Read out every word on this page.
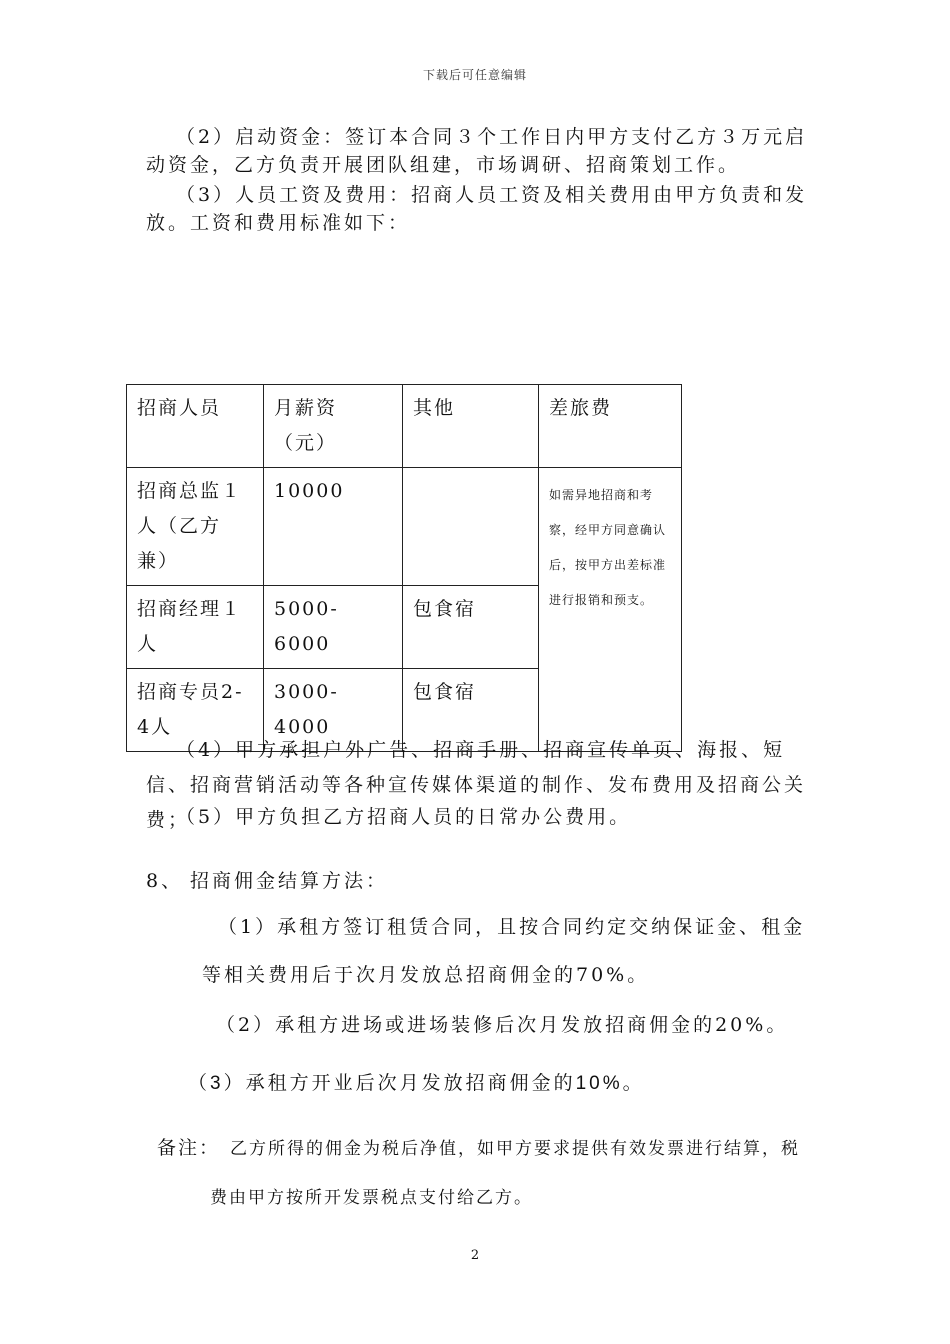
下载后可任意编辑

（2）启动资金：签订本合同３个工作日内甲方支付乙方３万元启动资金，乙方负责开展团队组建，市场调研、招商策划工作。

（3）人员工资及费用：招商人员工资及相关费用由甲方负责和发放。工资和费用标准如下：

招商人员	月薪资（元）	其他	差旅费
招商总监１人（乙方兼）	10000		如需异地招商和考察，经甲方同意确认后，按甲方出差标准进行报销和预支。
招商经理１人	5000-6000	包食宿	
招商专员2-4人	3000-4000	包食宿	

（4）甲方承担户外广告、招商手册、招商宣传单页、海报、短信、招商营销活动等各种宣传媒体渠道的制作、发布费用及招商公关费；

（5）甲方负担乙方招商人员的日常办公费用。

8、 招商佣金结算方法：
（1）承租方签订租赁合同，且按合同约定交纳保证金、租金
等相关费用后于次月发放总招商佣金的70%。
（2）承租方进场或进场装修后次月发放招商佣金的20%。
（3）承租方开业后次月发放招商佣金的10%。
备注： 乙方所得的佣金为税后净值，如甲方要求提供有效发票进行结算，税
费由甲方按所开发票税点支付给乙方。
2
